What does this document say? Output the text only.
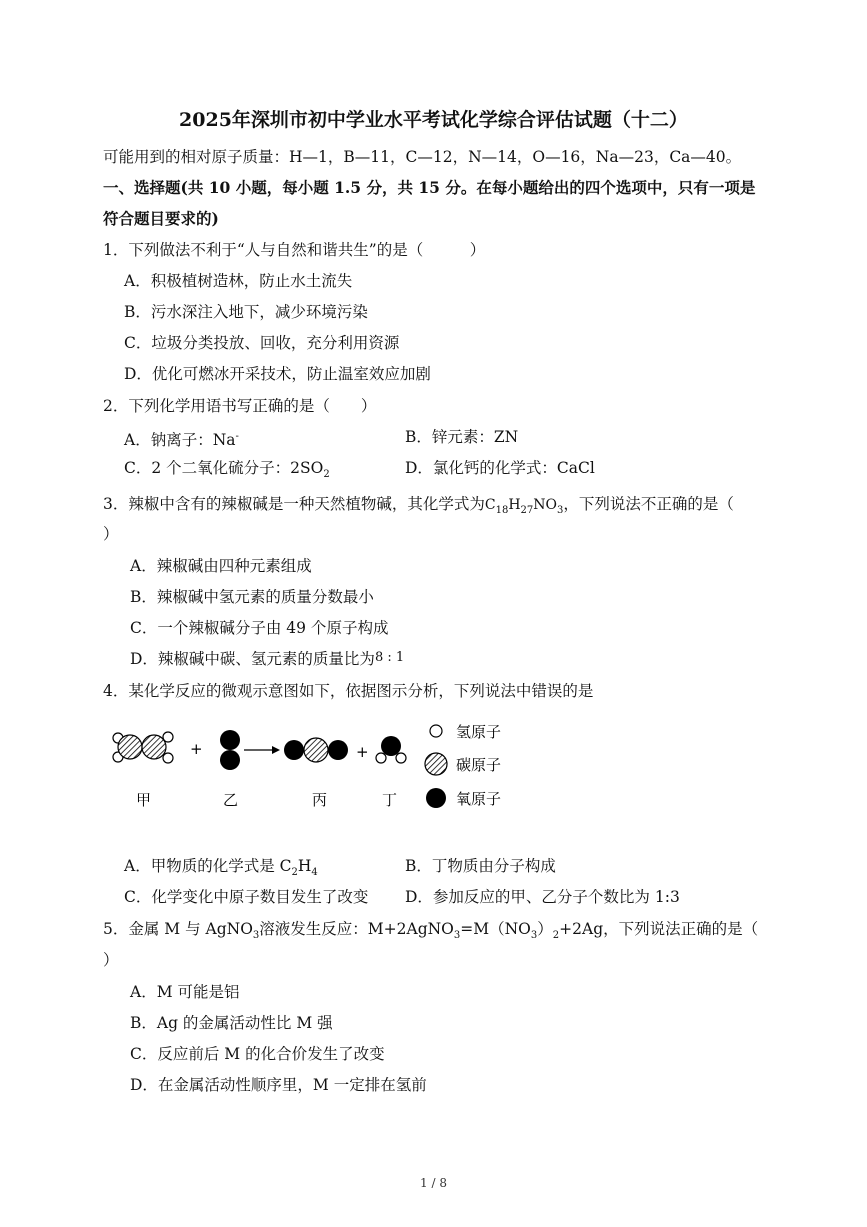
2025年深圳市初中学业水平考试化学综合评估试题（十二）
可能用到的相对原子质量：H—1，B—11，C—12，N—14，O—16，Na—23，Ca—40。
一、选择题(共 10 小题，每小题 1.5 分，共 15 分。在每小题给出的四个选项中，只有一项是
符合题目要求的)
1．下列做法不利于“人与自然和谐共生”的是（　　　）
A．积极植树造林，防止水土流失
B．污水深注入地下，减少环境污染
C．垃圾分类投放、回收，充分利用资源
D．优化可燃冰开采技术，防止温室效应加剧
2．下列化学用语书写正确的是（　　）
A．钠离子：Na-	B．锌元素：ZN
C．2 个二氧化硫分子：$2SO_2$	D．氯化钙的化学式：CaCl
3．辣椒中含有的辣椒碱是一种天然植物碱，其化学式为$C_{18}H_{27}NO_3$，下列说法不正确的是（
）
A．辣椒碱由四种元素组成
B．辣椒碱中氢元素的质量分数最小
C．一个辣椒碱分子由 49 个原子构成
D．辣椒碱中碳、氢元素的质量比为8 : 1
4．某化学反应的微观示意图如下，依据图示分析，下列说法中错误的是
+	+
甲	乙	丙	丁
氢原子
碳原子
氧原子
A．甲物质的化学式是 $C_2H_4$	B．丁物质由分子构成
C．化学变化中原子数目发生了改变 D．参加反应的甲、乙分子个数比为 1:3
5．金属 M 与 AgNO$_3$溶液发生反应：$M+2AgNO_3=M(NO_3)_2+2Ag$，下列说法正确的是（
）
A．M 可能是铝
B．Ag 的金属活动性比 M 强
C．反应前后 M 的化合价发生了改变
D．在金属活动性顺序里，M 一定排在氢前
1 / 8
